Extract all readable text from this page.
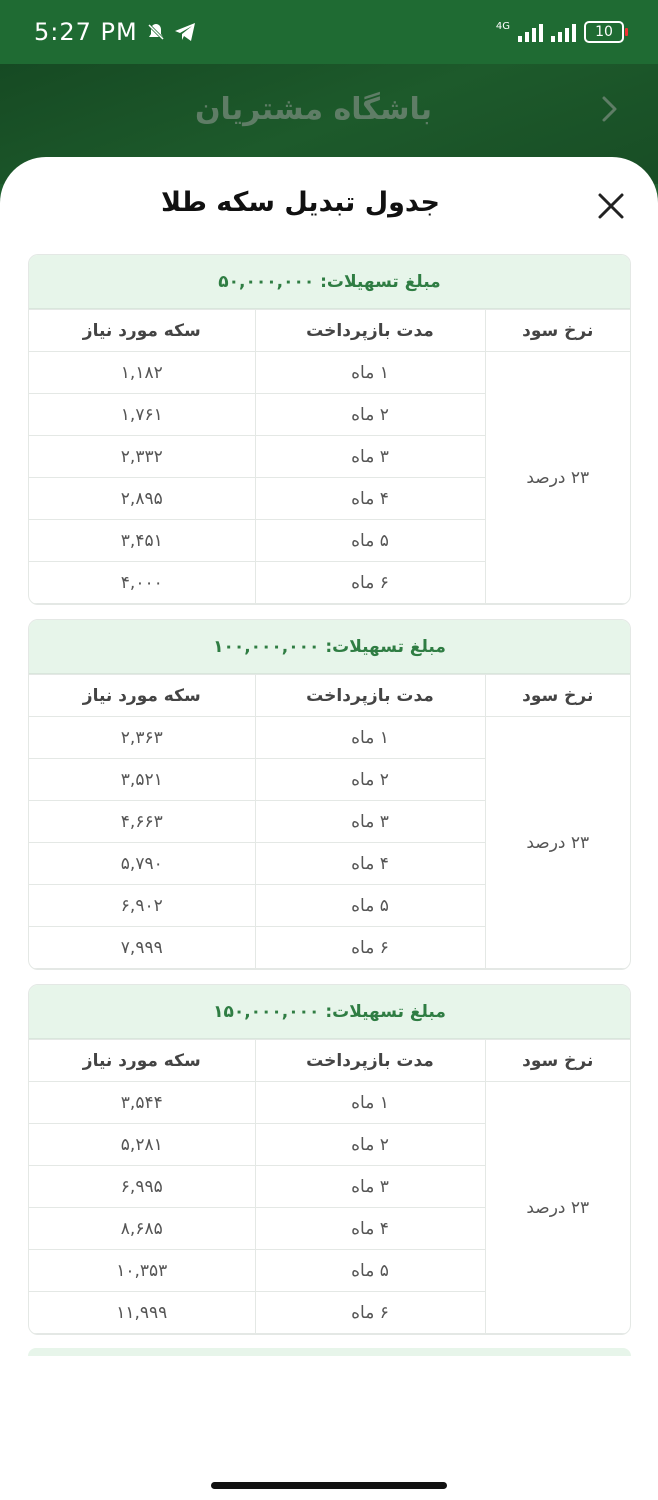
5:27 PM	4G	10
باشگاه مشتریان
جدول تبدیل سکه طلا
مبلغ تسهیلات: ۵۰,۰۰۰,۰۰۰
نرخ سود	مدت بازپرداخت	سکه مورد نیاز
۲۳ درصد	۱ ماه	۱,۱۸۲
	۲ ماه	۱,۷۶۱
	۳ ماه	۲,۳۳۲
	۴ ماه	۲,۸۹۵
	۵ ماه	۳,۴۵۱
	۶ ماه	۴,۰۰۰
مبلغ تسهیلات: ۱۰۰,۰۰۰,۰۰۰
نرخ سود	مدت بازپرداخت	سکه مورد نیاز
۲۳ درصد	۱ ماه	۲,۳۶۳
	۲ ماه	۳,۵۲۱
	۳ ماه	۴,۶۶۳
	۴ ماه	۵,۷۹۰
	۵ ماه	۶,۹۰۲
	۶ ماه	۷,۹۹۹
مبلغ تسهیلات: ۱۵۰,۰۰۰,۰۰۰
نرخ سود	مدت بازپرداخت	سکه مورد نیاز
۲۳ درصد	۱ ماه	۳,۵۴۴
	۲ ماه	۵,۲۸۱
	۳ ماه	۶,۹۹۵
	۴ ماه	۸,۶۸۵
	۵ ماه	۱۰,۳۵۳
	۶ ماه	۱۱,۹۹۹
